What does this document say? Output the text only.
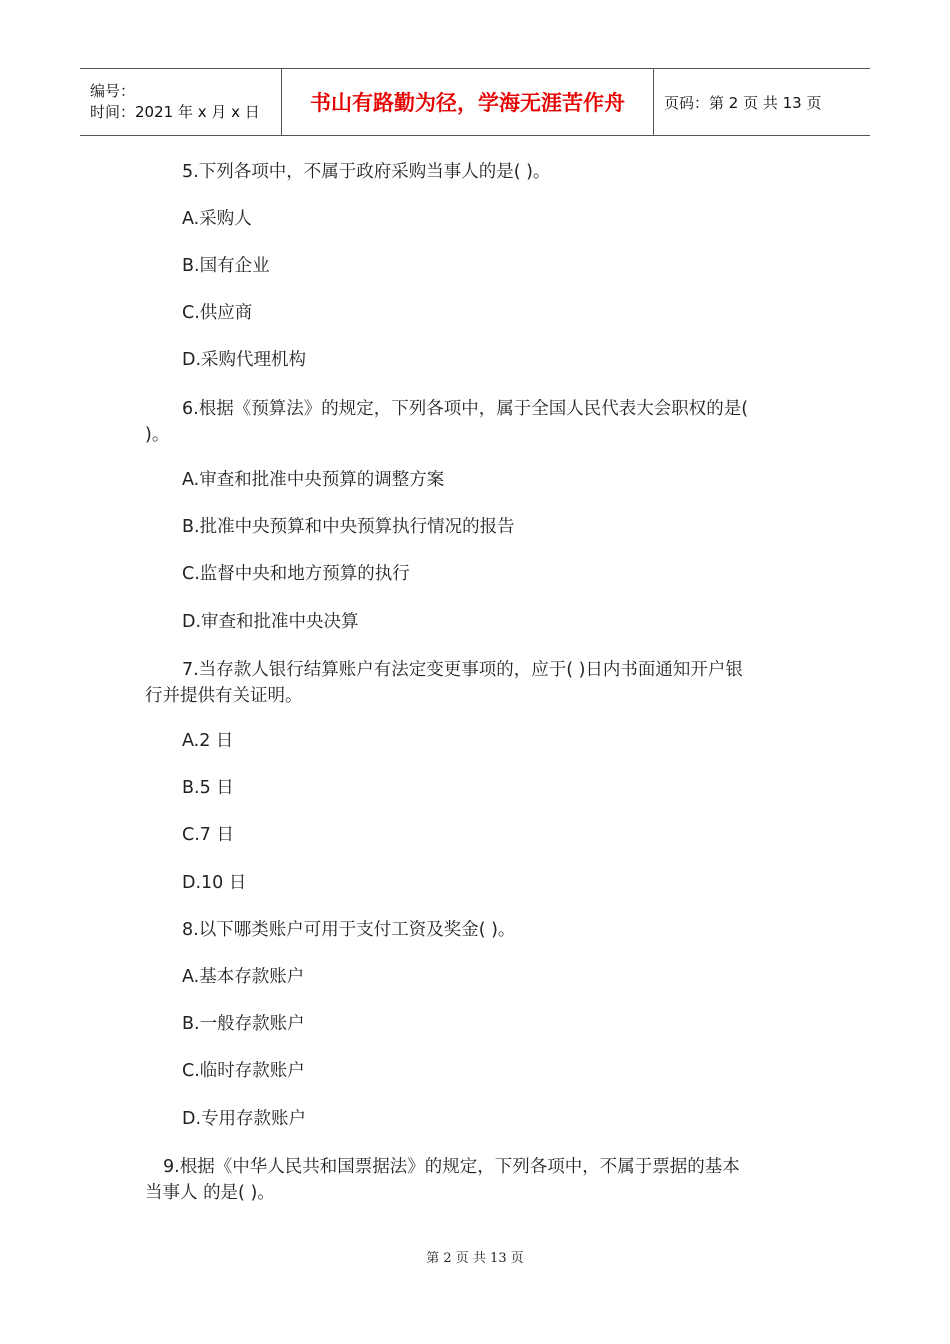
编号：
时间：2021 年 x 月 x 日	书山有路勤为径，学海无涯苦作舟	页码：第 2 页 共 13 页
5.下列各项中，不属于政府采购当事人的是( )。
A.采购人
B.国有企业
C.供应商
D.采购代理机构
6.根据《预算法》的规定，下列各项中，属于全国人民代表大会职权的是(
)。
A.审查和批准中央预算的调整方案
B.批准中央预算和中央预算执行情况的报告
C.监督中央和地方预算的执行
D.审查和批准中央决算
7.当存款人银行结算账户有法定变更事项的，应于( )日内书面通知开户银
行并提供有关证明。
A.2 日
B.5 日
C.7 日
D.10 日
8.以下哪类账户可用于支付工资及奖金( )。
A.基本存款账户
B.一般存款账户
C.临时存款账户
D.专用存款账户
9.根据《中华人民共和国票据法》的规定，下列各项中，不属于票据的基本
当事人 的是( )。
第 2 页 共 13 页
